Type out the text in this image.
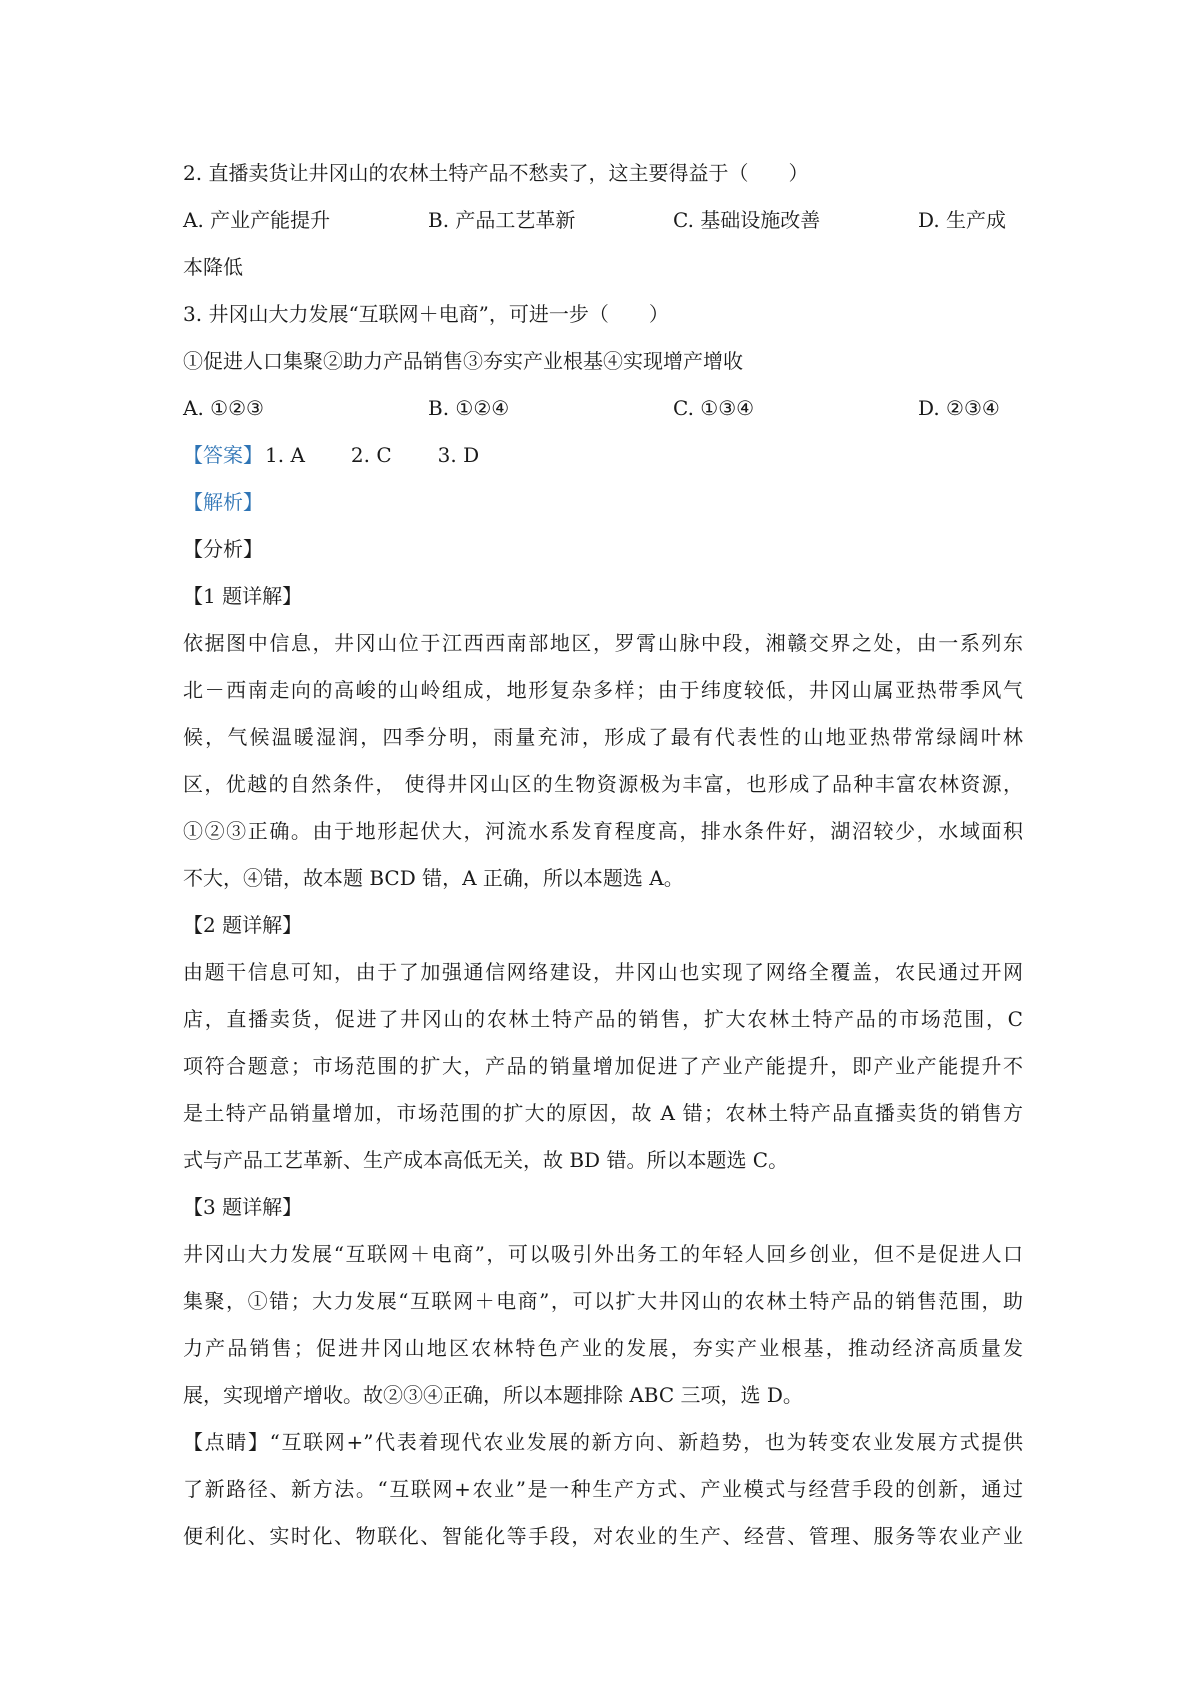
2. 直播卖货让井冈山的农林土特产品不愁卖了，这主要得益于（　　）
A. 产业产能提升	B. 产品工艺革新	C. 基础设施改善	D. 生产成
本降低
3. 井冈山大力发展“互联网＋电商”，可进一步（　　）
①促进人口集聚②助力产品销售③夯实产业根基④实现增产增收
A. ①②③	B. ①②④	C. ①③④	D. ②③④
【答案】 1. A 2. C 3. D
【解析】
【分析】
【1 题详解】
依据图中信息，井冈山位于江西西南部地区，罗霄山脉中段，湘赣交界之处，由一系列东
北－西南走向的高峻的山岭组成，地形复杂多样；由于纬度较低，井冈山属亚热带季风气
候，气候温暖湿润，四季分明，雨量充沛，形成了最有代表性的山地亚热带常绿阔叶林
区，优越的自然条件， 使得井冈山区的生物资源极为丰富，也形成了品种丰富农林资源，
①②③正确。由于地形起伏大，河流水系发育程度高，排水条件好，湖沼较少，水域面积
不大，④错，故本题 BCD 错，A 正确，所以本题选 A。
【2 题详解】
由题干信息可知，由于了加强通信网络建设，井冈山也实现了网络全覆盖，农民通过开网
店，直播卖货，促进了井冈山的农林土特产品的销售，扩大农林土特产品的市场范围，C
项符合题意；市场范围的扩大，产品的销量增加促进了产业产能提升，即产业产能提升不
是土特产品销量增加，市场范围的扩大的原因，故 A 错；农林土特产品直播卖货的销售方
式与产品工艺革新、生产成本高低无关，故 BD 错。所以本题选 C。
【3 题详解】
井冈山大力发展“互联网＋电商”，可以吸引外出务工的年轻人回乡创业，但不是促进人口
集聚，①错；大力发展“互联网＋电商”，可以扩大井冈山的农林土特产品的销售范围，助
力产品销售；促进井冈山地区农林特色产业的发展，夯实产业根基，推动经济高质量发
展，实现增产增收。故②③④正确，所以本题排除 ABC 三项，选 D。
【点睛】“互联网+”代表着现代农业发展的新方向、新趋势，也为转变农业发展方式提供
了新路径、新方法。“互联网+农业”是一种生产方式、产业模式与经营手段的创新，通过
便利化、实时化、物联化、智能化等手段，对农业的生产、经营、管理、服务等农业产业
